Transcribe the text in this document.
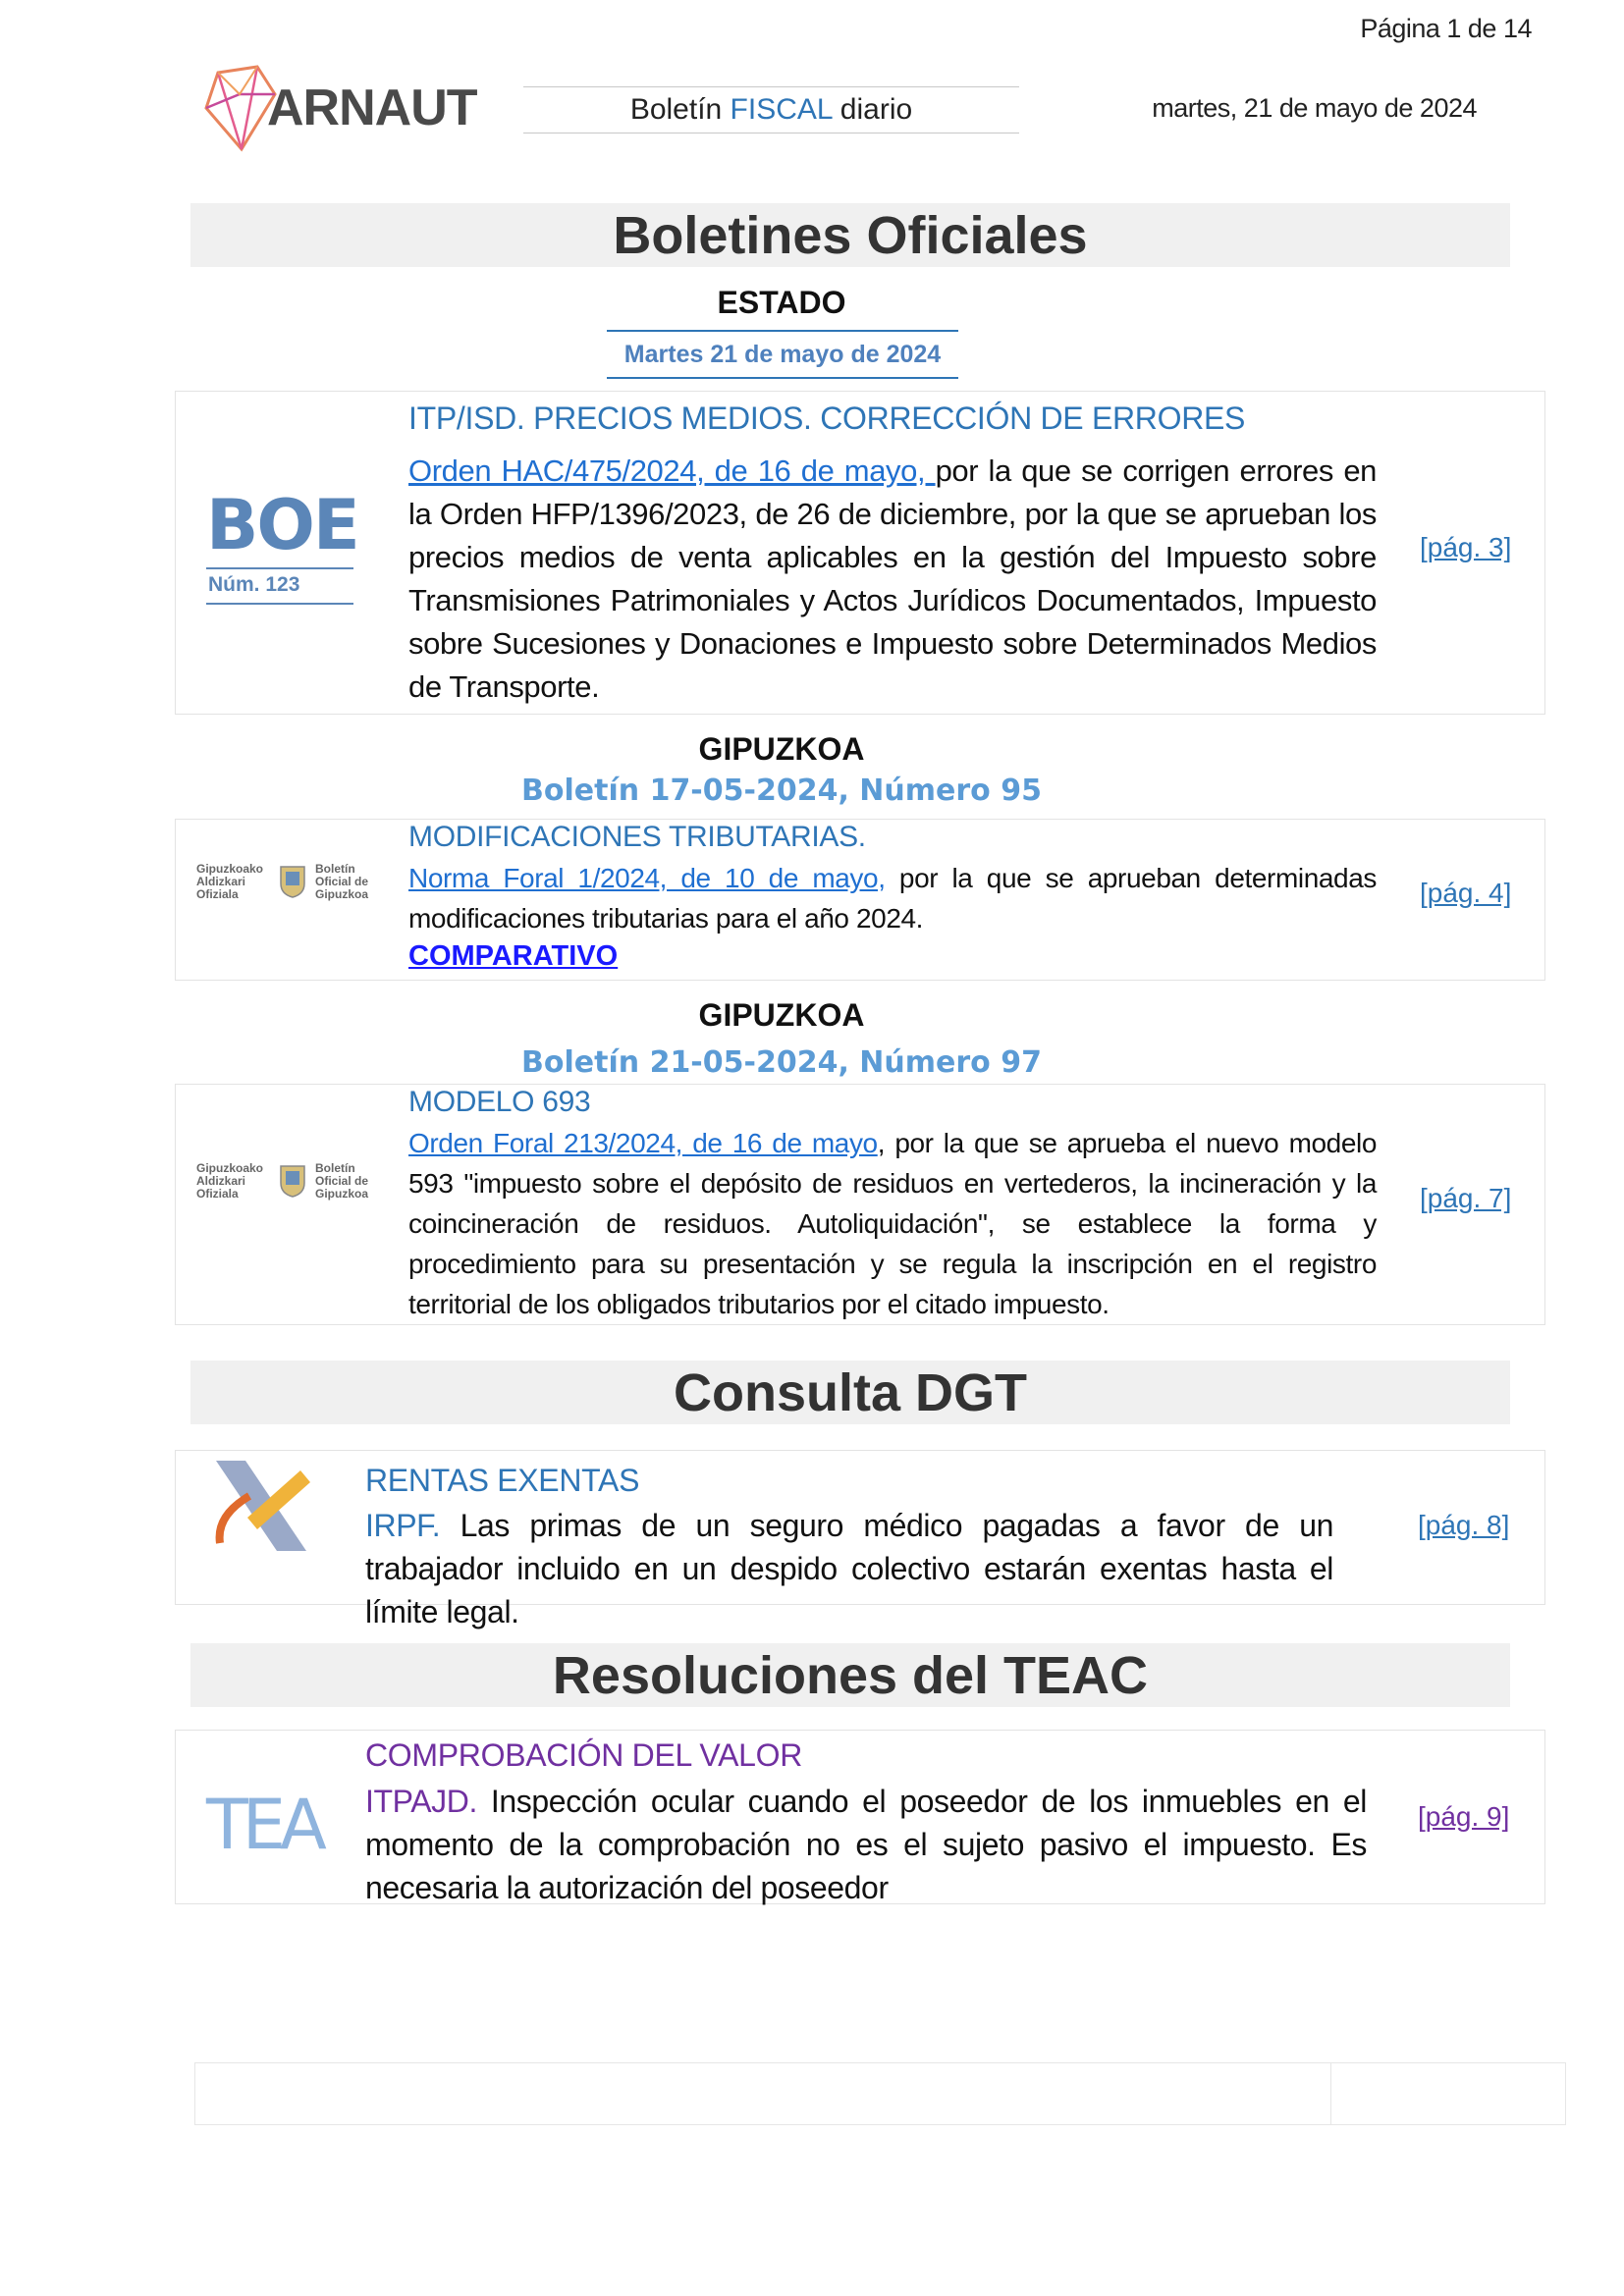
ARNAUT	Boletín FISCAL diario	martes, 21 de mayo de 2024
Boletines Oficiales
ESTADO
Martes 21 de mayo de 2024
BOE
Núm. 123
ITP/ISD. PRECIOS MEDIOS. CORRECCIÓN DE ERRORES
Orden HAC/475/2024, de 16 de mayo, por la que se corrigen errores en la Orden HFP/1396/2023, de 26 de diciembre, por la que se aprueban los precios medios de venta aplicables en la gestión del Impuesto sobre Transmisiones Patrimoniales y Actos Jurídicos Documentados, Impuesto sobre Sucesiones y Donaciones e Impuesto sobre Determinados Medios de Transporte.
[pág. 3]
GIPUZKOA
Boletín 17-05-2024, Número 95
Gipuzkoako Aldizkari Ofiziala
Boletín Oficial de Gipuzkoa
MODIFICACIONES TRIBUTARIAS.
Norma Foral 1/2024, de 10 de mayo, por la que se aprueban determinadas modificaciones tributarias para el año 2024.
COMPARATIVO
[pág. 4]
GIPUZKOA
Boletín 21-05-2024, Número 97
Gipuzkoako Aldizkari Ofiziala
Boletín Oficial de Gipuzkoa
MODELO 693
Orden Foral 213/2024, de 16 de mayo, por la que se aprueba el nuevo modelo 593 "impuesto sobre el depósito de residuos en vertederos, la incineración y la coincineración de residuos. Autoliquidación", se establece la forma y procedimiento para su presentación y se regula la inscripción en el registro territorial de los obligados tributarios por el citado impuesto.
[pág. 7]
Consulta DGT
RENTAS EXENTAS
IRPF. Las primas de un seguro médico pagadas a favor de un trabajador incluido en un despido colectivo estarán exentas hasta el límite legal.
[pág. 8]
Resoluciones del TEAC
TEA
COMPROBACIÓN DEL VALOR
ITPAJD. Inspección ocular cuando el poseedor de los inmuebles en el momento de la comprobación no es el sujeto pasivo el impuesto. Es necesaria la autorización del poseedor
[pág. 9]
Página 1 de 14
